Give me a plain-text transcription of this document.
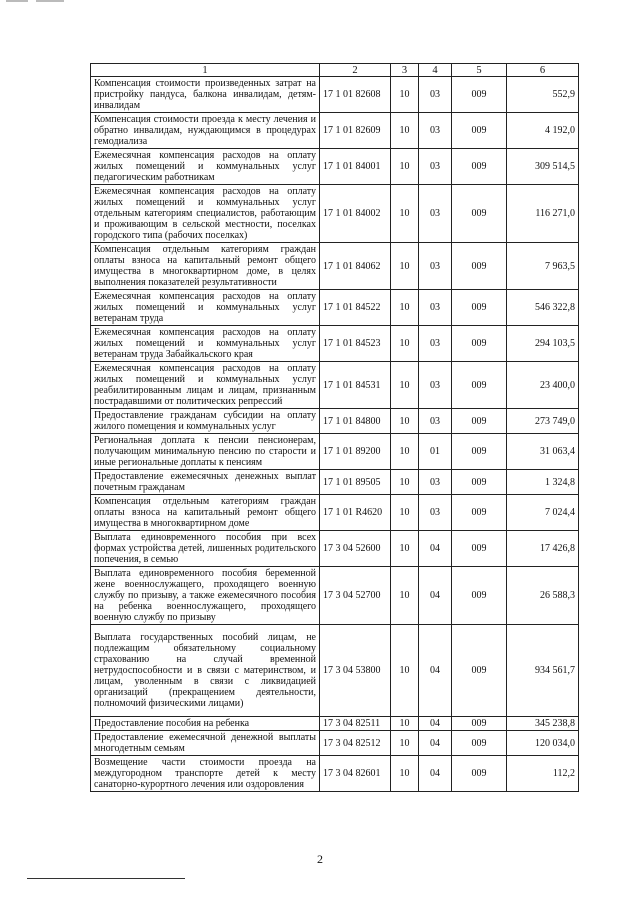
1	2	3	4	5	6
Компенсация стоимости произведенных затрат на пристройку пандуса, балкона инвалидам, детям-инвалидам	17 1 01 82608	10	03	009	552,9
Компенсация стоимости проезда к месту лечения и обратно инвалидам, нуждающимся в процедурах гемодиализа	17 1 01 82609	10	03	009	4 192,0
Ежемесячная компенсация расходов на оплату жилых помещений и коммунальных услуг педагогическим работникам	17 1 01 84001	10	03	009	309 514,5
Ежемесячная компенсация расходов на оплату жилых помещений и коммунальных услуг отдельным категориям специалистов, работающим и проживающим в сельской местности, поселках городского типа (рабочих поселках)	17 1 01 84002	10	03	009	116 271,0
Компенсация отдельным категориям граждан оплаты взноса на капитальный ремонт общего имущества в многоквартирном доме, в целях выполнения показателей результативности	17 1 01 84062	10	03	009	7 963,5
Ежемесячная компенсация расходов на оплату жилых помещений и коммунальных услуг ветеранам труда	17 1 01 84522	10	03	009	546 322,8
Ежемесячная компенсация расходов на оплату жилых помещений и коммунальных услуг ветеранам труда Забайкальского края	17 1 01 84523	10	03	009	294 103,5
Ежемесячная компенсация расходов на оплату жилых помещений и коммунальных услуг реабилитированным лицам и лицам, признанным пострадавшими от политических репрессий	17 1 01 84531	10	03	009	23 400,0
Предоставление гражданам субсидии на оплату жилого помещения и коммунальных услуг	17 1 01 84800	10	03	009	273 749,0
Региональная доплата к пенсии пенсионерам, получающим минимальную пенсию по старости и иные региональные доплаты к пенсиям	17 1 01 89200	10	01	009	31 063,4
Предоставление ежемесячных денежных выплат почетным гражданам	17 1 01 89505	10	03	009	1 324,8
Компенсация отдельным категориям граждан оплаты взноса на капитальный ремонт общего имущества в многоквартирном доме	17 1 01 R4620	10	03	009	7 024,4
Выплата единовременного пособия при всех формах устройства детей, лишенных родительского попечения, в семью	17 3 04 52600	10	04	009	17 426,8
Выплата единовременного пособия беременной жене военнослужащего, проходящего военную службу по призыву, а также ежемесячного пособия на ребенка военнослужащего, проходящего военную службу по призыву	17 3 04 52700	10	04	009	26 588,3
Выплата государственных пособий лицам, не подлежащим обязательному социальному страхованию на случай временной нетрудоспособности и в связи с материнством, и лицам, уволенным в связи с ликвидацией организаций (прекращением деятельности, полномочий физическими лицами)	17 3 04 53800	10	04	009	934 561,7
Предоставление пособия на ребенка	17 3 04 82511	10	04	009	345 238,8
Предоставление ежемесячной денежной выплаты многодетным семьям	17 3 04 82512	10	04	009	120 034,0
Возмещение части стоимости проезда на междугородном транспорте детей к месту санаторно-курортного лечения или оздоровления	17 3 04 82601	10	04	009	112,2
2
